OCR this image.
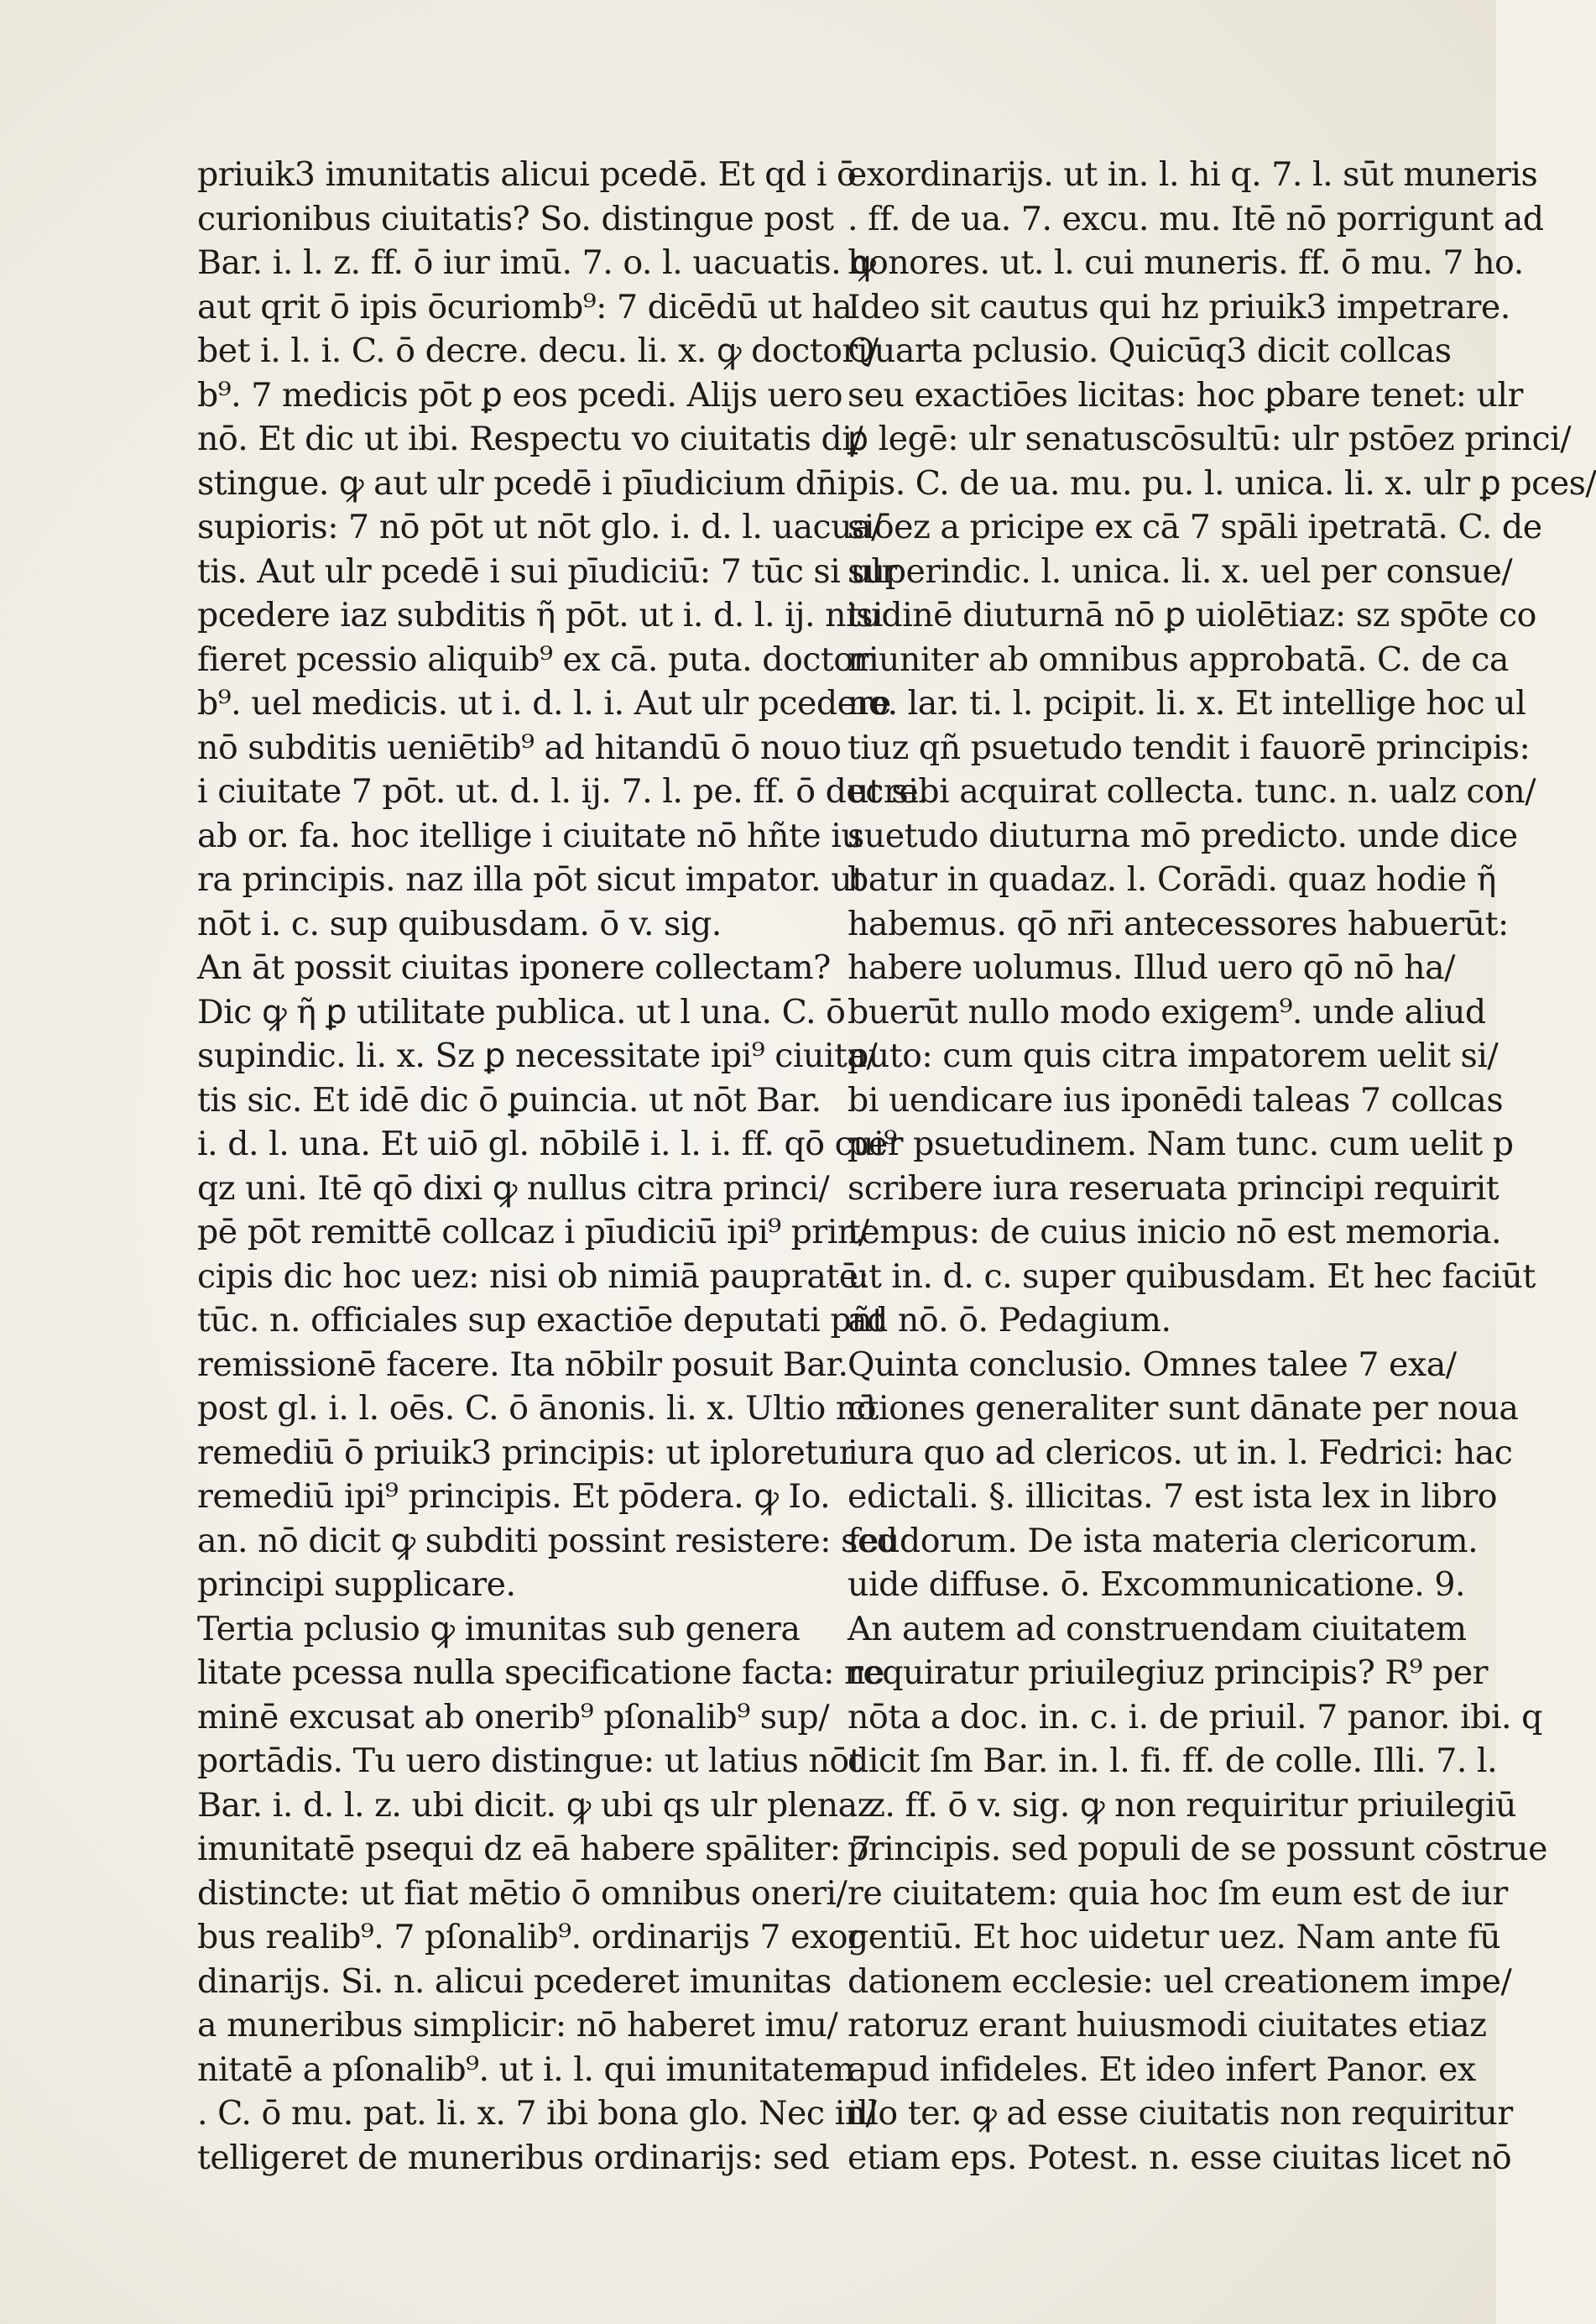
priuik3 imunitatis alicui pcedē. Et qd i ō
curionibus ciuitatis? So. distingue post
Bar. i. l. z. ff. ō iur imū. 7. o. l. uacuatis. ꝙ
aut qrit ō ipis ōcuriomb⁹: 7 dicēdū ut ha
bet i. l. i. C. ō decre. decu. li. x. ꝙ doctori/
b⁹. 7 medicis pōt ꝑ eos pcedi. Alijs uero
nō. Et dic ut ibi. Respectu vo ciuitatis di/
stingue. ꝙ aut ulr pcedē i pīudicium dn̄i
supioris: 7 nō pōt ut nōt glo. i. d. l. uacua/
tis. Aut ulr pcedē i sui pīudiciū: 7 tūc si ulr
pcedere iaz subditis ῆ pōt. ut i. d. l. ij. nisi
fieret pcessio aliquib⁹ ex cā. puta. doctori
b⁹. uel medicis. ut i. d. l. i. Aut ulr pcedere
nō subditis ueniētib⁹ ad hitandū ō nouo
i ciuitate 7 pōt. ut. d. l. ij. 7. l. pe. ff. ō decre.
ab or. fa. hoc itellige i ciuitate nō hñte iu
ra principis. naz illa pōt sicut impator. ut
nōt i. c. sup quibusdam. ō v. sig.
An āt possit ciuitas iponere collectam?
Dic ꝙ ῆ ꝑ utilitate publica. ut l una. C. ō
supindic. li. x. Sz ꝑ necessitate ipi⁹ ciuita/
tis sic. Et idē dic ō ꝑuincia. ut nōt Bar.
i. d. l. una. Et uiō gl. nōbilē i. l. i. ff. qō cui⁹
qz uni. Itē qō dixi ꝙ nullus citra princi/
pē pōt remittē collcaz i pīudiciū ipi⁹ prin/
cipis dic hoc uez: nisi ob nimiā paupratē:
tūc. n. officiales sup exactiōe deputati pñt
remissionē facere. Ita nōbilr posuit Bar.
post gl. i. l. oēs. C. ō ānonis. li. x. Ultio nō
remediū ō priuik3 principis: ut iploretur
remediū ipi⁹ principis. Et pōdera. ꝙ Io.
an. nō dicit ꝙ subditi possint resistere: sed
principi supplicare.
Tertia pclusio ꝙ imunitas sub genera
litate pcessa nulla specificatione facta: ne
minē excusat ab onerib⁹ pſonalib⁹ sup/
portādis. Tu uero distingue: ut latius nōt
Bar. i. d. l. z. ubi dicit. ꝙ ubi qs ulr plenaz
imunitatē psequi dz eā habere spāliter: 7
distincte: ut fiat mētio ō omnibus oneri/
bus realib⁹. 7 pſonalib⁹. ordinarijs 7 exor
dinarijs. Si. n. alicui pcederet imunitas
a muneribus simplicir: nō haberet imu/
nitatē a pſonalib⁹. ut i. l. qui imunitatem
. C. ō mu. pat. li. x. 7 ibi bona glo. Nec in/
telligeret de muneribus ordinarijs: sed
exordinarijs. ut in. l. hi q. 7. l. sūt muneris
. ff. de ua. 7. excu. mu. Itē nō porrigunt ad
honores. ut. l. cui muneris. ff. ō mu. 7 ho.
Ideo sit cautus qui hz priuik3 impetrare.
Quarta pclusio. Quicūq3 dicit collcas
seu exactiōes licitas: hoc ꝑbare tenet: ulr
ꝑ legē: ulr senatuscōsultū: ulr pstōez princi/
pis. C. de ua. mu. pu. l. unica. li. x. ulr ꝑ pces/
siōez a pricipe ex cā 7 spāli ipetratā. C. de
superindic. l. unica. li. x. uel per consue/
tudinē diuturnā nō ꝑ uiolētiaz: sz spōte co
muniter ab omnibus approbatā. C. de ca
no. lar. ti. l. pcipit. li. x. Et intellige hoc ul
tiuz qñ psuetudo tendit i fauorē principis:
ut sibi acquirat collecta. tunc. n. ualz con/
suetudo diuturna mō predicto. unde dice
batur in quadaz. l. Corādi. quaz hodie ῆ
habemus. qō nr̄i antecessores habuerūt:
habere uolumus. Illud uero qō nō ha/
buerūt nullo modo exigem⁹. unde aliud
puto: cum quis citra impatorem uelit si/
bi uendicare ius iponēdi taleas 7 collcas
per psuetudinem. Nam tunc. cum uelit p
scribere iura reseruata principi requirit
tempus: de cuius inicio nō est memoria.
ut in. d. c. super quibusdam. Et hec faciūt
ad nō. ō. Pedagium.
Quinta conclusio. Omnes talee 7 exa/
ctiones generaliter sunt dānate per noua
iura quo ad clericos. ut in. l. Fedrici: hac
edictali. §. illicitas. 7 est ista lex in libro
feudorum. De ista materia clericorum.
uide diffuse. ō. Excommunicatione. 9.
An autem ad construendam ciuitatem
requiratur priuilegiuz principis? R⁹ per
nōta a doc. in. c. i. de priuil. 7 panor. ibi. q
dicit ſm Bar. in. l. fi. ff. de colle. Illi. 7. l.
. z. ff. ō v. sig. ꝙ non requiritur priuilegiū
principis. sed populi de se possunt cōstrue
re ciuitatem: quia hoc ſm eum est de iur
gentiū. Et hoc uidetur uez. Nam ante fū
dationem ecclesie: uel creationem impe/
ratoruz erant huiusmodi ciuitates etiaz
apud infideles. Et ideo infert Panor. ex
illo ter. ꝙ ad esse ciuitatis non requiritur
etiam eps. Potest. n. esse ciuitas licet nō
